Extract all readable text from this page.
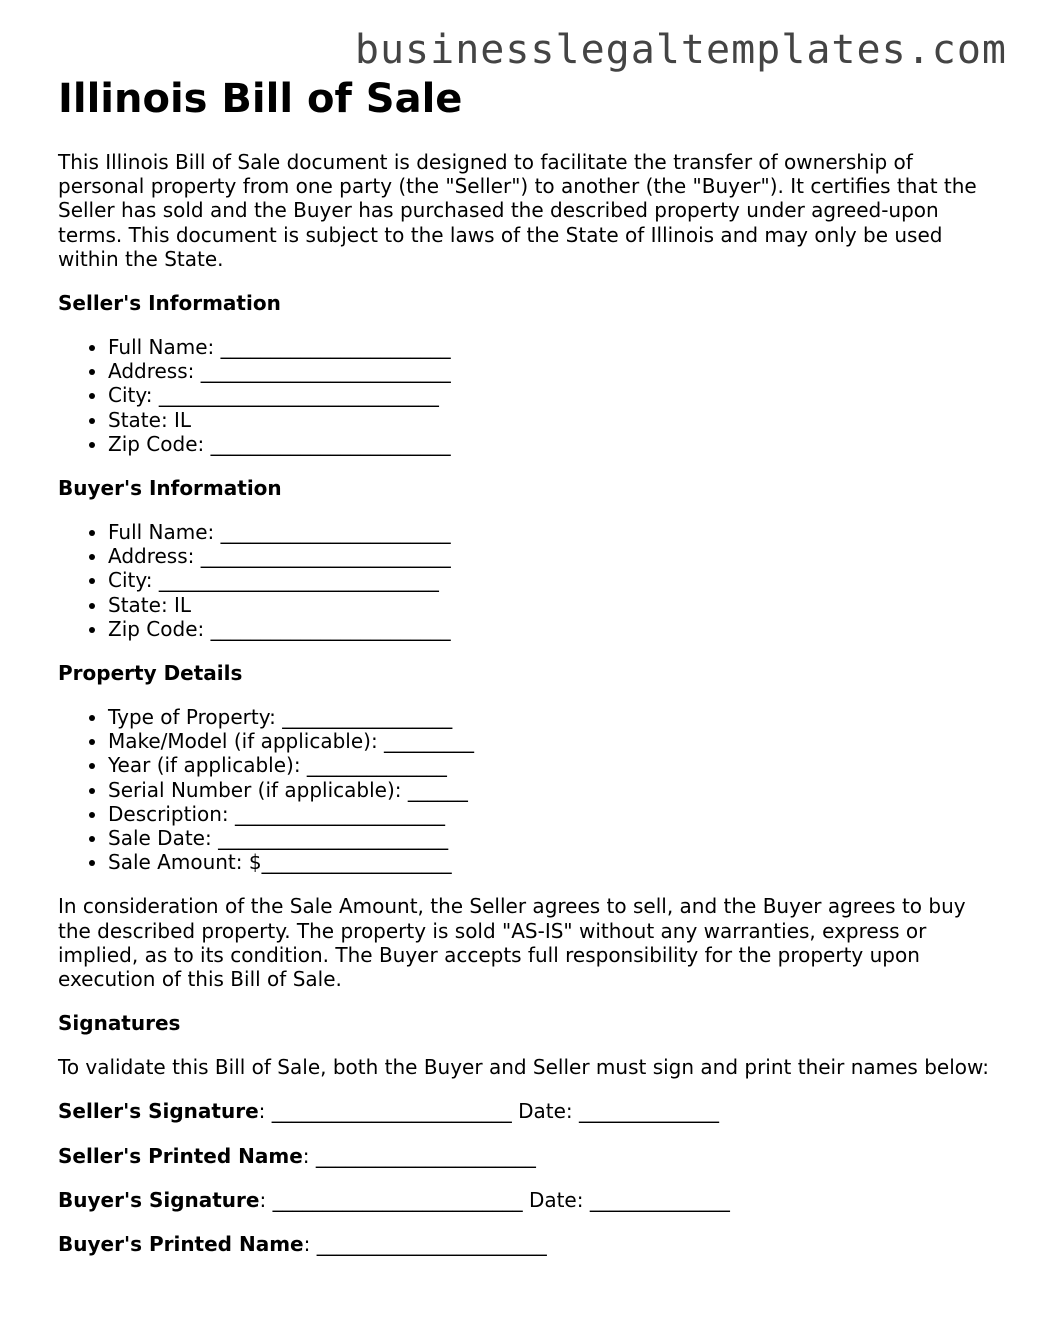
businesslegaltemplates.com
Illinois Bill of Sale

This Illinois Bill of Sale document is designed to facilitate the transfer of ownership of personal property from one party (the "Seller") to another (the "Buyer"). It certifies that the Seller has sold and the Buyer has purchased the described property under agreed-upon terms. This document is subject to the laws of the State of Illinois and may only be used within the State.

Seller's Information
• Full Name: _______________________
• Address: _________________________
• City: ____________________________
• State: IL
• Zip Code: ________________________
Buyer's Information
• Full Name: _______________________
• Address: _________________________
• City: ____________________________
• State: IL
• Zip Code: ________________________
Property Details
• Type of Property: _________________
• Make/Model (if applicable): _________
• Year (if applicable): ______________
• Serial Number (if applicable): ______
• Description: _____________________
• Sale Date: _______________________
• Sale Amount: $___________________

In consideration of the Sale Amount, the Seller agrees to sell, and the Buyer agrees to buy the described property. The property is sold "AS-IS" without any warranties, express or implied, as to its condition. The Buyer accepts full responsibility for the property upon execution of this Bill of Sale.

Signatures

To validate this Bill of Sale, both the Buyer and Seller must sign and print their names below:

Seller's Signature: ________________________ Date: ______________
Seller's Printed Name: ______________________
Buyer's Signature: _________________________ Date: ______________
Buyer's Printed Name: _______________________
